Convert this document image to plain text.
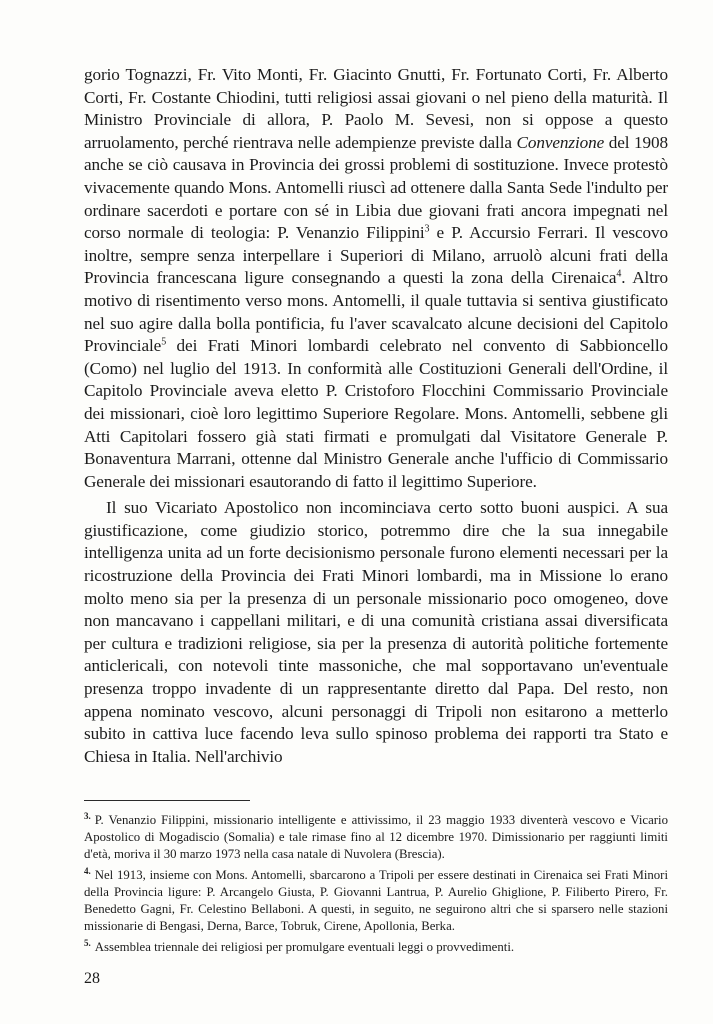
gorio Tognazzi, Fr. Vito Monti, Fr. Giacinto Gnutti, Fr. Fortunato Corti, Fr. Alberto Corti, Fr. Costante Chiodini, tutti religiosi assai giovani o nel pieno della maturità. Il Ministro Provinciale di allora, P. Paolo M. Sevesi, non si oppose a questo arruolamento, perché rientrava nelle adempienze previste dalla Convenzione del 1908 anche se ciò causava in Provincia dei grossi problemi di sostituzione. Invece protestò vivacemente quando Mons. Antomelli riuscì ad ottenere dalla Santa Sede l'indulto per ordinare sacerdoti e portare con sé in Libia due giovani frati ancora impegnati nel corso normale di teologia: P. Venanzio Filippini$^3$ e P. Accursio Ferrari. Il vescovo inoltre, sempre senza interpellare i Superiori di Milano, arruolò alcuni frati della Provincia francescana ligure consegnando a questi la zona della Cirenaica$^4$. Altro motivo di risentimento verso mons. Antomelli, il quale tuttavia si sentiva giustificato nel suo agire dalla bolla pontificia, fu l'aver scavalcato alcune decisioni del Capitolo Provinciale$^5$ dei Frati Minori lombardi celebrato nel convento di Sabbioncello (Como) nel luglio del 1913. In conformità alle Costituzioni Generali dell'Ordine, il Capitolo Provinciale aveva eletto P. Cristoforo Flocchini Commissario Provinciale dei missionari, cioè loro legittimo Superiore Regolare. Mons. Antomelli, sebbene gli Atti Capitolari fossero già stati firmati e promulgati dal Visitatore Generale P. Bonaventura Marrani, ottenne dal Ministro Generale anche l'ufficio di Commissario Generale dei missionari esautorando di fatto il legittimo Superiore.

Il suo Vicariato Apostolico non incominciava certo sotto buoni auspici. A sua giustificazione, come giudizio storico, potremmo dire che la sua innegabile intelligenza unita ad un forte decisionismo personale furono elementi necessari per la ricostruzione della Provincia dei Frati Minori lombardi, ma in Missione lo erano molto meno sia per la presenza di un personale missionario poco omogeneo, dove non mancavano i cappellani militari, e di una comunità cristiana assai diversificata per cultura e tradizioni religiose, sia per la presenza di autorità politiche fortemente anticlericali, con notevoli tinte massoniche, che mal sopportavano un'eventuale presenza troppo invadente di un rappresentante diretto dal Papa. Del resto, non appena nominato vescovo, alcuni personaggi di Tripoli non esitarono a metterlo subito in cattiva luce facendo leva sullo spinoso problema dei rapporti tra Stato e Chiesa in Italia. Nell'archivio

$^{3.}$ P. Venanzio Filippini, missionario intelligente e attivissimo, il 23 maggio 1933 diventerà vescovo e Vicario Apostolico di Mogadiscio (Somalia) e tale rimase fino al 12 dicembre 1970. Dimissionario per raggiunti limiti d'età, moriva il 30 marzo 1973 nella casa natale di Nuvolera (Brescia).

$^{4.}$ Nel 1913, insieme con Mons. Antomelli, sbarcarono a Tripoli per essere destinati in Cirenaica sei Frati Minori della Provincia ligure: P. Arcangelo Giusta, P. Giovanni Lantrua, P. Aurelio Ghiglione, P. Filiberto Pirero, Fr. Benedetto Gagni, Fr. Celestino Bellaboni. A questi, in seguito, ne seguirono altri che si sparsero nelle stazioni missionarie di Bengasi, Derna, Barce, Tobruk, Cirene, Apollonia, Berka.

$^{5.}$ Assemblea triennale dei religiosi per promulgare eventuali leggi o provvedimenti.

28
